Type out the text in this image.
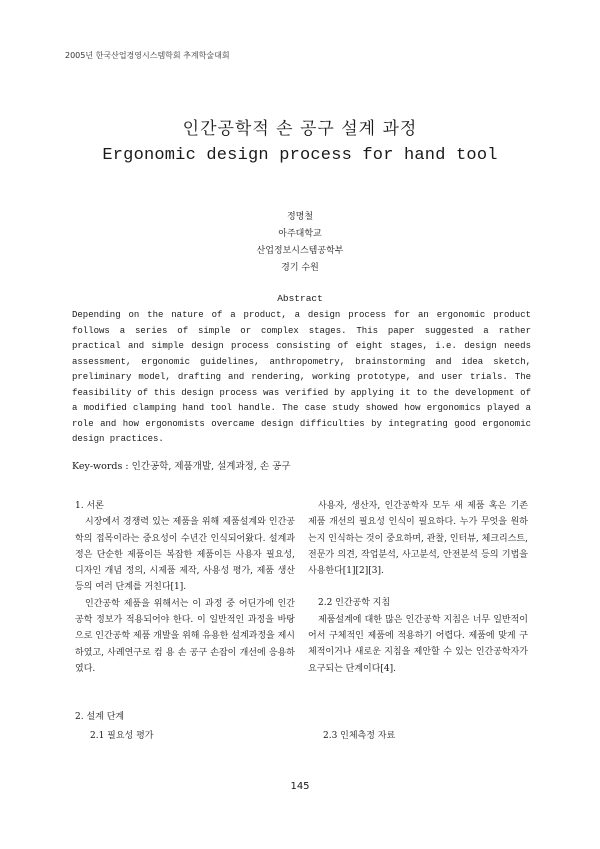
2005년 한국산업경영시스템학회 추계학술대회
인간공학적 손 공구 설계 과정
Ergonomic design process for hand tool
정명철
아주대학교
산업정보시스템공학부
경기 수원
Abstract
Depending on the nature of a product, a design process for an ergonomic product follows a series of simple or complex stages. This paper suggested a rather practical and simple design process consisting of eight stages, i.e. design needs assessment, ergonomic guidelines, anthropometry, brainstorming and idea sketch, preliminary model, drafting and rendering, working prototype, and user trials. The feasibility of this design process was verified by applying it to the development of a modified clamping hand tool handle. The case study showed how ergonomics played a role and how ergonomists overcame design difficulties by integrating good ergonomic design practices.
Key-words : 인간공학, 제품개발, 설계과정, 손 공구

1. 서론

시장에서 경쟁력 있는 제품을 위해 제품설계와 인간공학의 접목이라는 중요성이 수년간 인식되어왔다. 설계과정은 단순한 제품이든 복잡한 제품이든 사용자 필요성, 디자인 개념 정의, 시제품 제작, 사용성 평가, 제품 생산 등의 여러 단계를 거친다[1].

인간공학 제품을 위해서는 이 과정 중 어딘가에 인간공학 정보가 적용되어야 한다. 이 일반적인 과정을 바탕으로 인간공학 제품 개발을 위해 유용한 설계과정을 제시하였고, 사례연구로 컴 용 손 공구 손잡이 개선에 응용하였다.

2. 설계 단계
2.1 필요성 평가

사용자, 생산자, 인간공학자 모두 새 제품 혹은 기존 제품 개선의 필요성 인식이 필요하다. 누가 무엇을 원하는지 인식하는 것이 중요하며, 관찰, 인터뷰, 체크리스트, 전문가 의견, 작업분석, 사고분석, 안전분석 등의 기법을 사용한다[1][2][3].

2.2 인간공학 지침

제품설계에 대한 많은 인간공학 지침은 너무 일반적이어서 구체적인 제품에 적용하기 어렵다. 제품에 맞게 구체적이거나 새로운 지침을 제안할 수 있는 인간공학자가 요구되는 단계이다[4].

2.3 인체측정 자료
145
